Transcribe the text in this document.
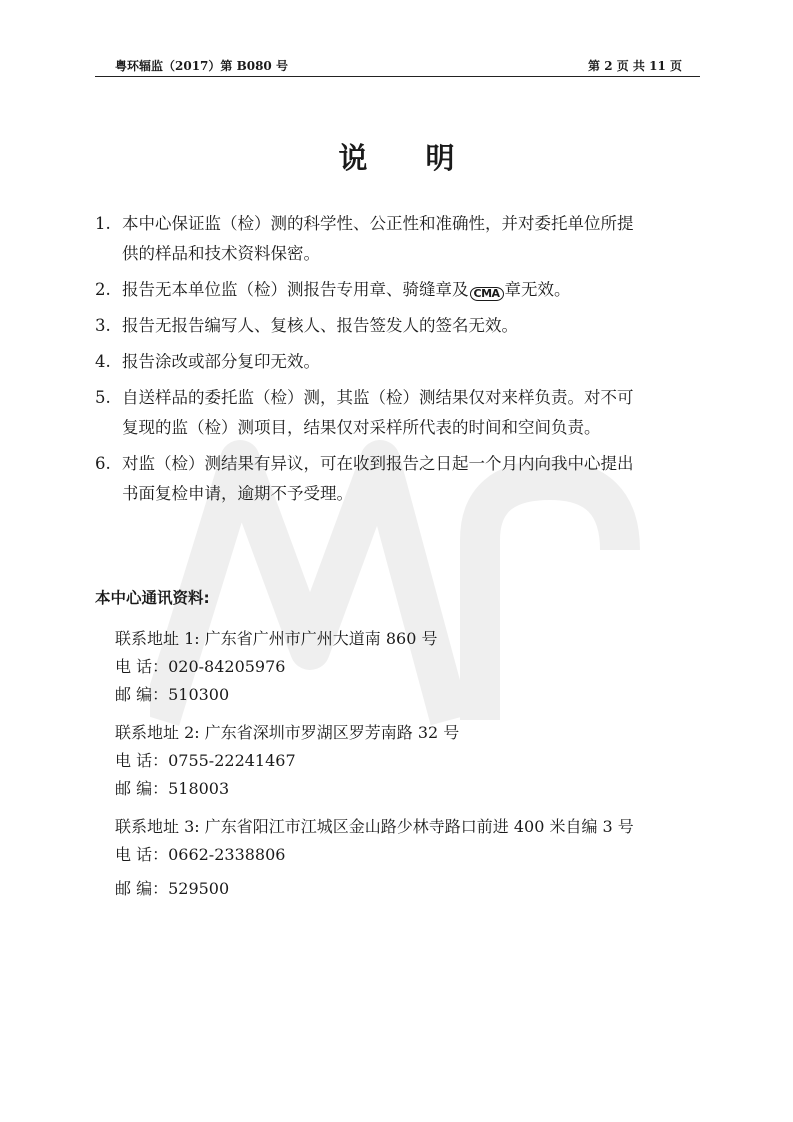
粤环辐监（2017）第 B080 号	第 2 页 共 11 页
说 明
1. 本中心保证监（检）测的科学性、公正性和准确性，并对委托单位所提
供的样品和技术资料保密。
2. 报告无本单位监（检）测报告专用章、骑缝章及 CMA 章无效。
3. 报告无报告编写人、复核人、报告签发人的签名无效。
4. 报告涂改或部分复印无效。
5. 自送样品的委托监（检）测，其监（检）测结果仅对来样负责。对不可
复现的监（检）测项目，结果仅对采样所代表的时间和空间负责。
6. 对监（检）测结果有异议，可在收到报告之日起一个月内向我中心提出
书面复检申请，逾期不予受理。
本中心通讯资料:
联系地址 1: 广东省广州市广州大道南 860 号
电 话：020-84205976
邮 编：510300
联系地址 2: 广东省深圳市罗湖区罗芳南路 32 号
电 话：0755-22241467
邮 编：518003
联系地址 3: 广东省阳江市江城区金山路少林寺路口前进 400 米自编 3 号
电 话：0662-2338806
邮 编：529500
